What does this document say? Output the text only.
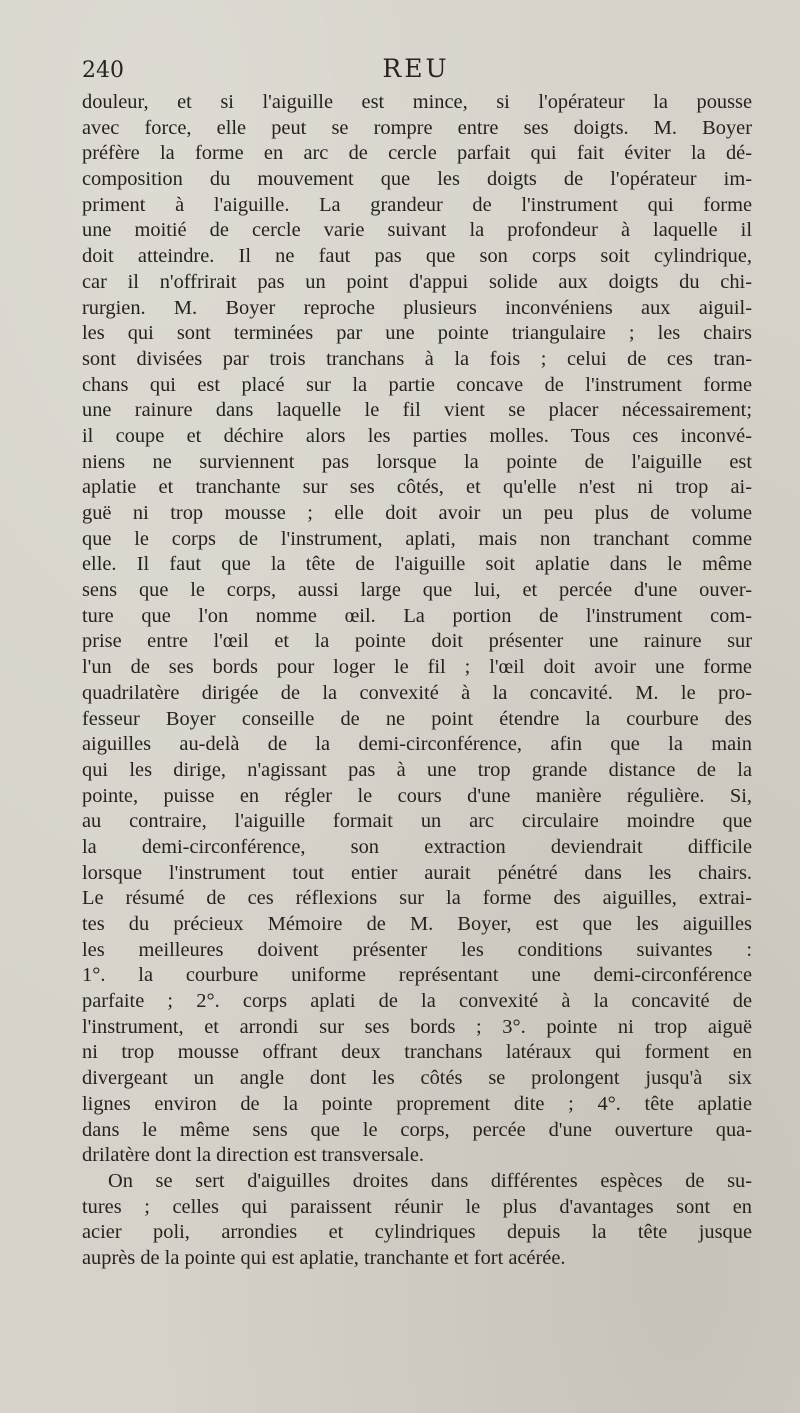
240	REU
douleur, et si l'aiguille est mince, si l'opérateur la pousse
avec force, elle peut se rompre entre ses doigts. M. Boyer
préfère la forme en arc de cercle parfait qui fait éviter la dé-
composition du mouvement que les doigts de l'opérateur im-
priment à l'aiguille. La grandeur de l'instrument qui forme
une moitié de cercle varie suivant la profondeur à laquelle il
doit atteindre. Il ne faut pas que son corps soit cylindrique,
car il n'offrirait pas un point d'appui solide aux doigts du chi-
rurgien. M. Boyer reproche plusieurs inconvéniens aux aiguil-
les qui sont terminées par une pointe triangulaire ; les chairs
sont divisées par trois tranchans à la fois ; celui de ces tran-
chans qui est placé sur la partie concave de l'instrument forme
une rainure dans laquelle le fil vient se placer nécessairement;
il coupe et déchire alors les parties molles. Tous ces inconvé-
niens ne surviennent pas lorsque la pointe de l'aiguille est
aplatie et tranchante sur ses côtés, et qu'elle n'est ni trop ai-
guë ni trop mousse ; elle doit avoir un peu plus de volume
que le corps de l'instrument, aplati, mais non tranchant comme
elle. Il faut que la tête de l'aiguille soit aplatie dans le même
sens que le corps, aussi large que lui, et percée d'une ouver-
ture que l'on nomme œil. La portion de l'instrument com-
prise entre l'œil et la pointe doit présenter une rainure sur
l'un de ses bords pour loger le fil ; l'œil doit avoir une forme
quadrilatère dirigée de la convexité à la concavité. M. le pro-
fesseur Boyer conseille de ne point étendre la courbure des
aiguilles au-delà de la demi-circonférence, afin que la main
qui les dirige, n'agissant pas à une trop grande distance de la
pointe, puisse en régler le cours d'une manière régulière. Si,
au contraire, l'aiguille formait un arc circulaire moindre que
la demi-circonférence, son extraction deviendrait difficile
lorsque l'instrument tout entier aurait pénétré dans les chairs.
Le résumé de ces réflexions sur la forme des aiguilles, extrai-
tes du précieux Mémoire de M. Boyer, est que les aiguilles
les meilleures doivent présenter les conditions suivantes :
1°. la courbure uniforme représentant une demi-circonférence
parfaite ; 2°. corps aplati de la convexité à la concavité de
l'instrument, et arrondi sur ses bords ; 3°. pointe ni trop aiguë
ni trop mousse offrant deux tranchans latéraux qui forment en
divergeant un angle dont les côtés se prolongent jusqu'à six
lignes environ de la pointe proprement dite ; 4°. tête aplatie
dans le même sens que le corps, percée d'une ouverture qua-
drilatère dont la direction est transversale.
On se sert d'aiguilles droites dans différentes espèces de su-
tures ; celles qui paraissent réunir le plus d'avantages sont en
acier poli, arrondies et cylindriques depuis la tête jusque
auprès de la pointe qui est aplatie, tranchante et fort acérée.
